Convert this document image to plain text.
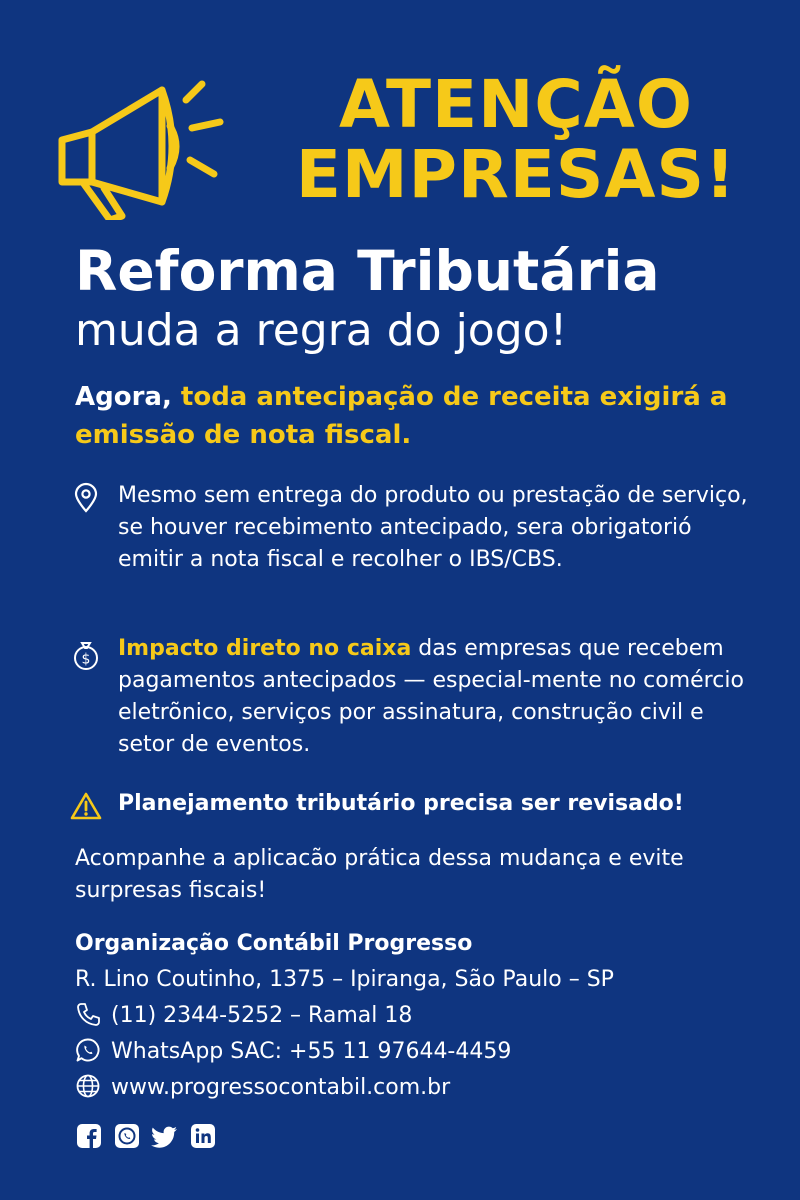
ATENÇÃO
EMPRESAS!
Reforma Tributária
muda a regra do jogo!
Agora, toda antecipação de receita exigirá a emissão de nota fiscal.
Mesmo sem entrega do produto ou prestação de serviço, se houver recebimento antecipado, sera obrigatorió emitir a nota fiscal e recolher o IBS/CBS.
$ Impacto direto no caixa das empresas que recebem pagamentos antecipados — especial-mente no comércio eletrõnico, serviços por assinatura, construção civil e setor de eventos.
Planejamento tributário precisa ser revisado!
Acompanhe a aplicacão prática dessa mudança e evite surpresas fiscais!
Organização Contábil Progresso
R. Lino Coutinho, 1375 – Ipiranga, São Paulo – SP
(11) 2344-5252 – Ramal 18
WhatsApp SAC: +55 11 97644-4459
www.progressocontabil.com.br
